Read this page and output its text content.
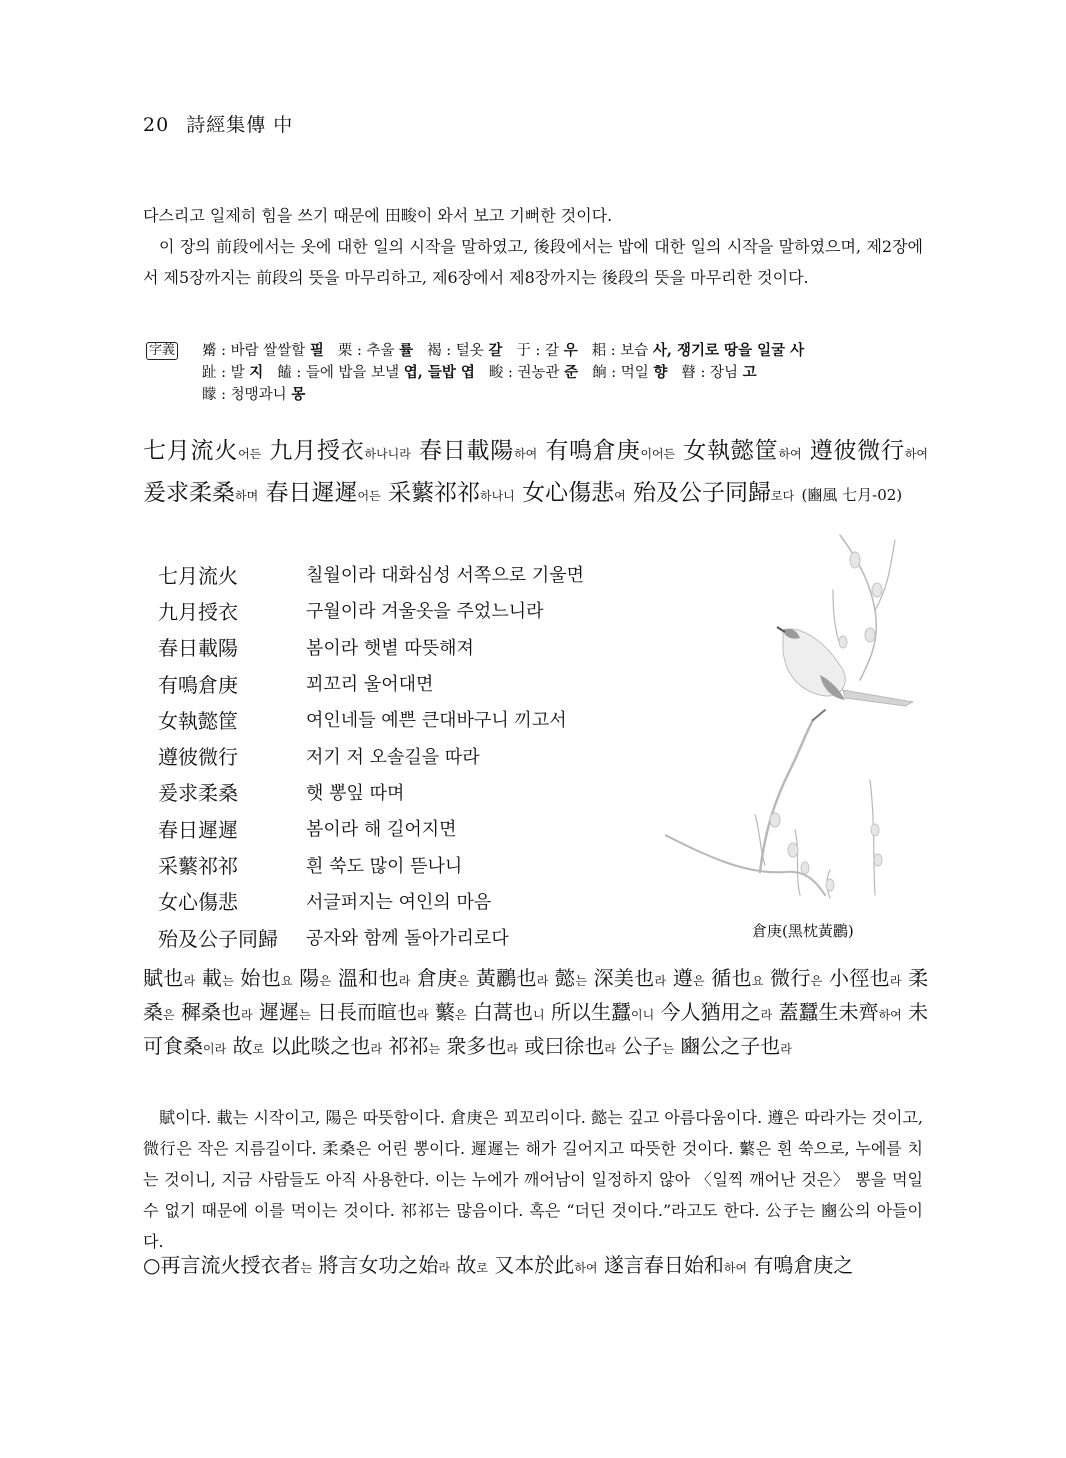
20 詩經集傳 中
다스리고 일제히 힘을 쓰기 때문에 田畯이 와서 보고 기뻐한 것이다.
이 장의 前段에서는 옷에 대한 일의 시작을 말하였고, 後段에서는 밥에 대한 일의 시작을 말하였으며, 제2장에서 제5장까지는 前段의 뜻을 마무리하고, 제6장에서 제8장까지는 後段의 뜻을 마무리한 것이다.
字義 觱 : 바람 쌀쌀할 필 栗 : 추울 률 褐 : 털옷 갈 于 : 갈 우 耜 : 보습 사, 쟁기로 땅을 일굴 사
趾 : 발 지 饁 : 들에 밥을 보낼 엽, 들밥 엽 畯 : 권농관 준 餉 : 먹일 향 瞽 : 장님 고
矇 : 청맹과니 몽
七月流火어든 九月授衣하나니라 春日載陽하여 有鳴倉庚이어든 女執懿筐하여 遵彼微行하여 爰求柔桑하며 春日遲遲어든 采蘩祁祁하나니 女心傷悲여 殆及公子同歸로다 (豳風 七月-02)
七月流火	칠월이라 대화심성 서쪽으로 기울면
九月授衣	구월이라 겨울옷을 주었느니라
春日載陽	봄이라 햇볕 따뜻해져
有鳴倉庚	꾀꼬리 울어대면
女執懿筐	여인네들 예쁜 큰대바구니 끼고서
遵彼微行	저기 저 오솔길을 따라
爰求柔桑	햇 뽕잎 따며
春日遲遲	봄이라 해 길어지면
采蘩祁祁	흰 쑥도 많이 뜯나니
女心傷悲	서글퍼지는 여인의 마음
殆及公子同歸	공자와 함께 돌아가리로다	倉庚(黑枕黃鸝)
賦也라 載는 始也요 陽은 溫和也라 倉庚은 黃鸝也라 懿는 深美也라 遵은 循也요 微行은 小徑也라 柔桑은 穉桑也라 遲遲는 日長而暄也라 蘩은 白蒿也니 所以生蠶이니 今人猶用之라 蓋蠶生未齊하여 未可食桑이라 故로 以此啖之也라 祁祁는 衆多也라 或曰徐也라 公子는 豳公之子也라
賦이다. 載는 시작이고, 陽은 따뜻함이다. 倉庚은 꾀꼬리이다. 懿는 깊고 아름다움이다. 遵은 따라가는 것이고, 微行은 작은 지름길이다. 柔桑은 어린 뽕이다. 遲遲는 해가 길어지고 따뜻한 것이다. 蘩은 흰 쑥으로, 누에를 치는 것이니, 지금 사람들도 아직 사용한다. 이는 누에가 깨어남이 일정하지 않아 〈일찍 깨어난 것은〉 뽕을 먹일 수 없기 때문에 이를 먹이는 것이다. 祁祁는 많음이다. 혹은 “더딘 것이다.”라고도 한다. 公子는 豳公의 아들이다.
○再言流火授衣者는 將言女功之始라 故로 又本於此하여 遂言春日始和하여 有鳴倉庚之
